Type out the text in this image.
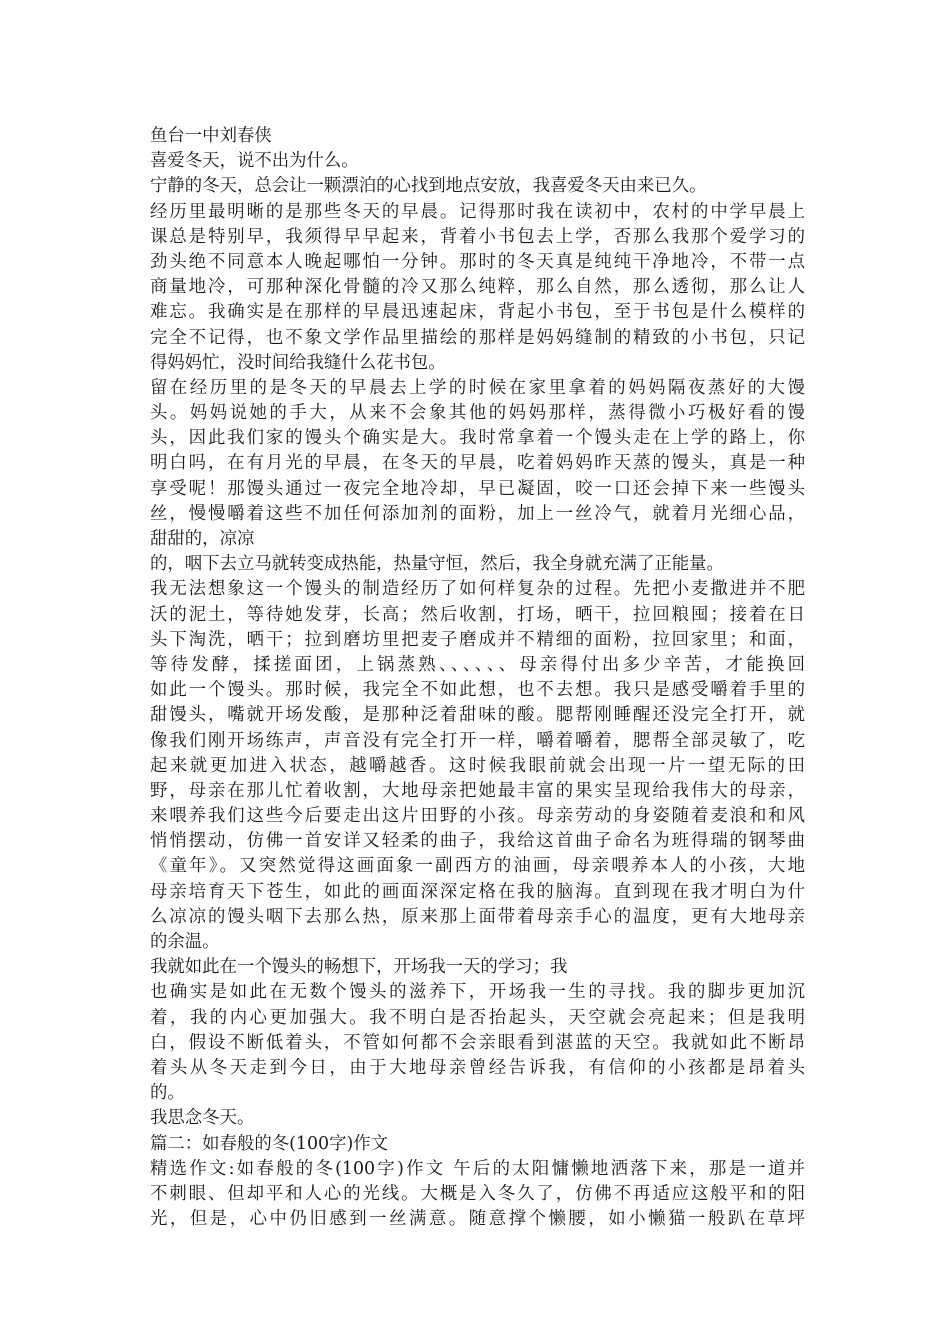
鱼台一中刘春侠
喜爱冬天，说不出为什么。
宁静的冬天，总会让一颗漂泊的心找到地点安放，我喜爱冬天由来已久。
经历里最明晰的是那些冬天的早晨。记得那时我在读初中，农村的中学早晨上
课总是特别早，我须得早早起来，背着小书包去上学，否那么我那个爱学习的
劲头绝不同意本人晚起哪怕一分钟。那时的冬天真是纯纯干净地冷，不带一点
商量地冷，可那种深化骨髓的冷又那么纯粹，那么自然，那么透彻，那么让人
难忘。我确实是在那样的早晨迅速起床，背起小书包，至于书包是什么模样的
完全不记得，也不象文学作品里描绘的那样是妈妈缝制的精致的小书包，只记
得妈妈忙，没时间给我缝什么花书包。
留在经历里的是冬天的早晨去上学的时候在家里拿着的妈妈隔夜蒸好的大馒
头。妈妈说她的手大，从来不会象其他的妈妈那样，蒸得微小巧极好看的馒
头，因此我们家的馒头个确实是大。我时常拿着一个馒头走在上学的路上，你
明白吗，在有月光的早晨，在冬天的早晨，吃着妈妈昨天蒸的馒头，真是一种
享受呢！那馒头通过一夜完全地冷却，早已凝固，咬一口还会掉下来一些馒头
丝，慢慢嚼着这些不加任何添加剂的面粉，加上一丝冷气，就着月光细心品，
甜甜的，凉凉
的，咽下去立马就转变成热能，热量守恒，然后，我全身就充满了正能量。
我无法想象这一个馒头的制造经历了如何样复杂的过程。先把小麦撒进并不肥
沃的泥土，等待她发芽，长高；然后收割，打场，晒干，拉回粮囤；接着在日
头下淘洗，晒干；拉到磨坊里把麦子磨成并不精细的面粉，拉回家里；和面，
等待发酵，揉搓面团，上锅蒸熟、、、、、、母亲得付出多少辛苦，才能换回
如此一个馒头。那时候，我完全不如此想，也不去想。我只是感受嚼着手里的
甜馒头，嘴就开场发酸，是那种泛着甜味的酸。腮帮刚睡醒还没完全打开，就
像我们刚开场练声，声音没有完全打开一样，嚼着嚼着，腮帮全部灵敏了，吃
起来就更加进入状态，越嚼越香。这时候我眼前就会出现一片一望无际的田
野，母亲在那儿忙着收割，大地母亲把她最丰富的果实呈现给我伟大的母亲，
来喂养我们这些今后要走出这片田野的小孩。母亲劳动的身姿随着麦浪和和风
悄悄摆动，仿佛一首安详又轻柔的曲子，我给这首曲子命名为班得瑞的钢琴曲
《童年》。又突然觉得这画面象一副西方的油画，母亲喂养本人的小孩，大地
母亲培育天下苍生，如此的画面深深定格在我的脑海。直到现在我才明白为什
么凉凉的馒头咽下去那么热，原来那上面带着母亲手心的温度，更有大地母亲
的余温。
我就如此在一个馒头的畅想下，开场我一天的学习；我
也确实是如此在无数个馒头的滋养下，开场我一生的寻找。我的脚步更加沉
着，我的内心更加强大。我不明白是否抬起头，天空就会亮起来；但是我明
白，假设不断低着头，不管如何都不会亲眼看到湛蓝的天空。我就如此不断昂
着头从冬天走到今日，由于大地母亲曾经告诉我，有信仰的小孩都是昂着头
的。
我思念冬天。
篇二：如春般的冬(100字)作文
精选作文:如春般的冬(100字)作文 午后的太阳慵懒地洒落下来，那是一道并
不刺眼、但却平和人心的光线。大概是入冬久了，仿佛不再适应这般平和的阳
光，但是，心中仍旧感到一丝满意。随意撑个懒腰，如小懒猫一般趴在草坪
